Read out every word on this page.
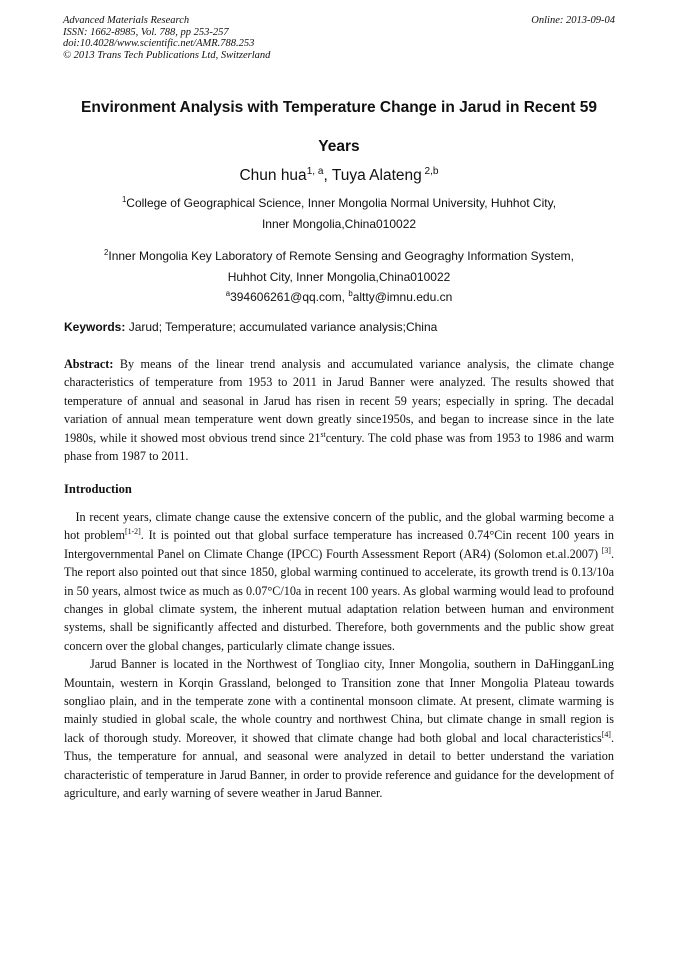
Advanced Materials Research
ISSN: 1662-8985, Vol. 788, pp 253-257
doi:10.4028/www.scientific.net/AMR.788.253
© 2013 Trans Tech Publications Ltd, Switzerland
Online: 2013-09-04
Environment Analysis with Temperature Change in Jarud in Recent 59
Years
Chun hua$^{1, a}$, Tuya Alateng $^{2,b}$
$^1$College of Geographical Science, Inner Mongolia Normal University, Huhhot City,
Inner Mongolia,China010022
$^2$Inner Mongolia Key Laboratory of Remote Sensing and Geograghy Information System,
Huhhot City, Inner Mongolia,China010022
$^a$394606261@qq.com, $^b$altty@imnu.edu.cn
Keywords: Jarud; Temperature; accumulated variance analysis;China
Abstract: By means of the linear trend analysis and accumulated variance analysis, the climate change characteristics of temperature from 1953 to 2011 in Jarud Banner were analyzed. The results showed that temperature of annual and seasonal in Jarud has risen in recent 59 years; especially in spring. The decadal variation of annual mean temperature went down greatly since1950s, and began to increase since in the late 1980s, while it showed most obvious trend since 21stcentury. The cold phase was from 1953 to 1986 and warm phase from 1987 to 2011.
Introduction

In recent years, climate change cause the extensive concern of the public, and the global warming become a hot problem[1-2]. It is pointed out that global surface temperature has increased 0.74°Cin recent 100 years in Intergovernmental Panel on Climate Change (IPCC) Fourth Assessment Report (AR4) (Solomon et.al.2007) [3]. The report also pointed out that since 1850, global warming continued to accelerate, its growth trend is 0.13/10a in 50 years, almost twice as much as 0.07°C/10a in recent 100 years. As global warming would lead to profound changes in global climate system, the inherent mutual adaptation relation between human and environment systems, shall be significantly affected and disturbed. Therefore, both governments and the public show great concern over the global changes, particularly climate change issues.

Jarud Banner is located in the Northwest of Tongliao city, Inner Mongolia, southern in DaHingganLing Mountain, western in Korqin Grassland, belonged to Transition zone that Inner Mongolia Plateau towards songliao plain, and in the temperate zone with a continental monsoon climate. At present, climate warming is mainly studied in global scale, the whole country and northwest China, but climate change in small region is lack of thorough study. Moreover, it showed that climate change had both global and local characteristics[4]. Thus, the temperature for annual, and seasonal were analyzed in detail to better understand the variation characteristic of temperature in Jarud Banner, in order to provide reference and guidance for the development of agriculture, and early warning of severe weather in Jarud Banner.
